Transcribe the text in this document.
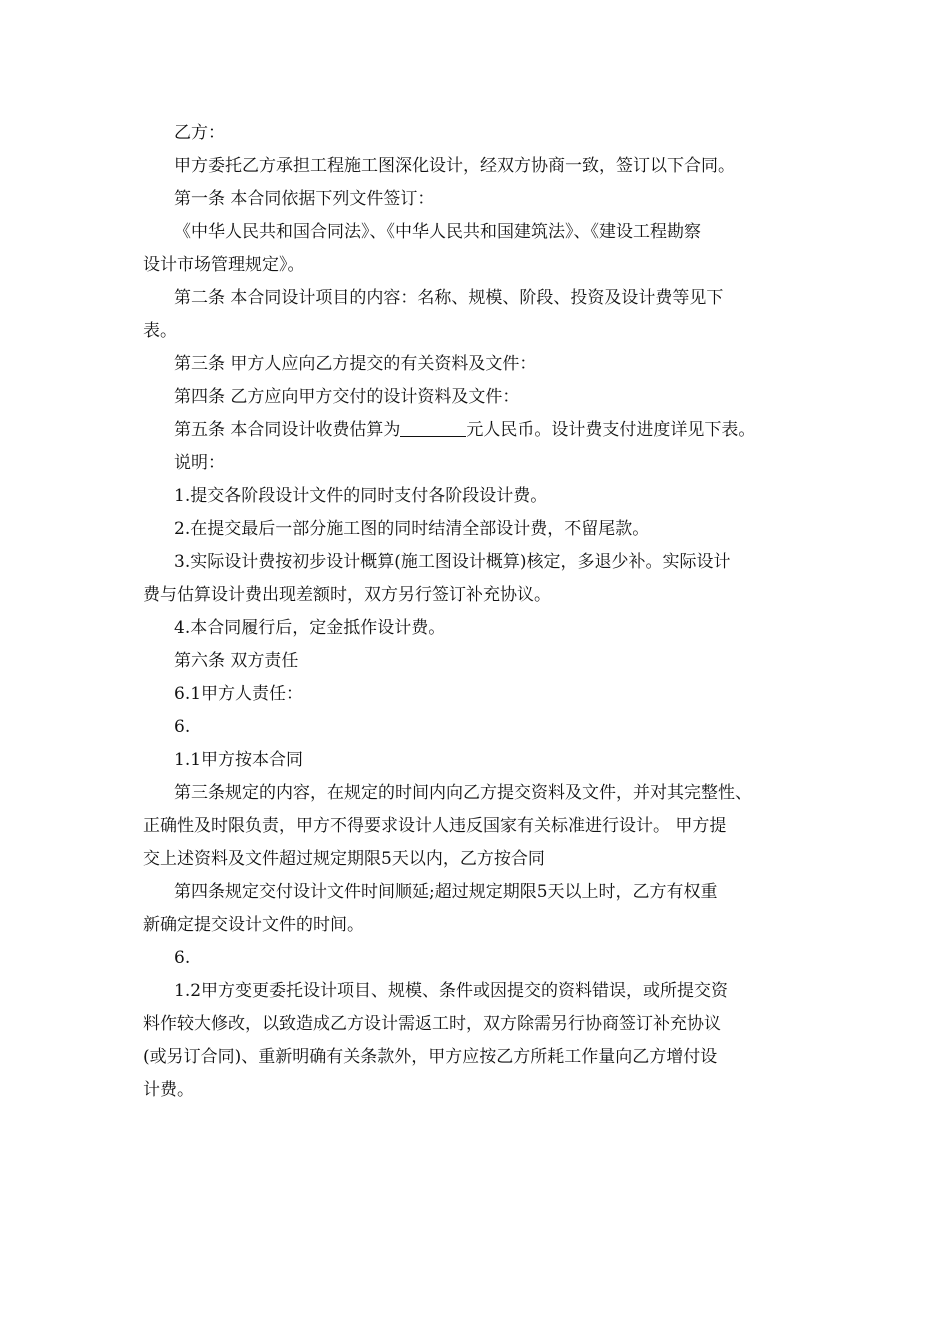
乙方：
甲方委托乙方承担工程施工图深化设计，经双方协商一致，签订以下合同。
第一条 本合同依据下列文件签订：
《中华人民共和国合同法》、《中华人民共和国建筑法》、《建设工程勘察
设计市场管理规定》。
第二条 本合同设计项目的内容：名称、规模、阶段、投资及设计费等见下
表。
第三条 甲方人应向乙方提交的有关资料及文件：
第四条 乙方应向甲方交付的设计资料及文件：
第五条 本合同设计收费估算为	元人民币。设计费支付进度详见下表。
说明：
1.提交各阶段设计文件的同时支付各阶段设计费。
2.在提交最后一部分施工图的同时结清全部设计费，不留尾款。
3.实际设计费按初步设计概算(施工图设计概算)核定，多退少补。实际设计
费与估算设计费出现差额时，双方另行签订补充协议。
4.本合同履行后，定金抵作设计费。
第六条 双方责任
6.1甲方人责任：
6.
1.1甲方按本合同
第三条规定的内容，在规定的时间内向乙方提交资料及文件，并对其完整性、
正确性及时限负责，甲方不得要求设计人违反国家有关标准进行设计。 甲方提
交上述资料及文件超过规定期限5天以内，乙方按合同
第四条规定交付设计文件时间顺延;超过规定期限5天以上时，乙方有权重
新确定提交设计文件的时间。
6.
1.2甲方变更委托设计项目、规模、条件或因提交的资料错误，或所提交资
料作较大修改，以致造成乙方设计需返工时，双方除需另行协商签订补充协议
(或另订合同)、重新明确有关条款外，甲方应按乙方所耗工作量向乙方增付设
计费。
